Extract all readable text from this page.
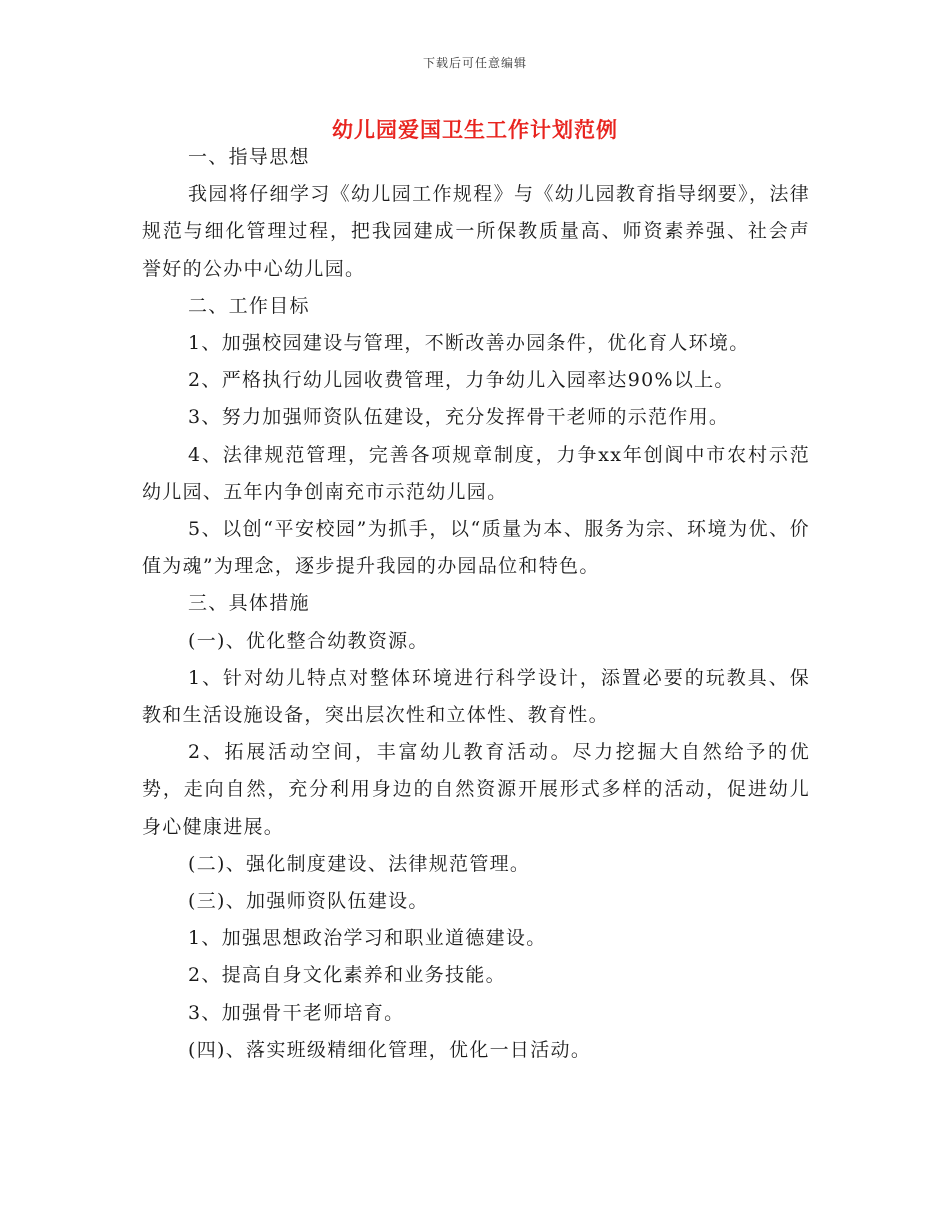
下载后可任意编辑
幼儿园爱国卫生工作计划范例

一、指导思想

我园将仔细学习《幼儿园工作规程》与《幼儿园教育指导纲要》，法律规范与细化管理过程，把我园建成一所保教质量高、师资素养强、社会声誉好的公办中心幼儿园。

二、工作目标

1、加强校园建设与管理，不断改善办园条件，优化育人环境。

2、严格执行幼儿园收费管理，力争幼儿入园率达90%以上。

3、努力加强师资队伍建设，充分发挥骨干老师的示范作用。

4、法律规范管理，完善各项规章制度，力争xx年创阆中市农村示范幼儿园、五年内争创南充市示范幼儿园。

5、以创“平安校园”为抓手，以“质量为本、服务为宗、环境为优、价值为魂”为理念，逐步提升我园的办园品位和特色。

三、具体措施

(一)、优化整合幼教资源。

1、针对幼儿特点对整体环境进行科学设计，添置必要的玩教具、保教和生活设施设备，突出层次性和立体性、教育性。

2、拓展活动空间，丰富幼儿教育活动。尽力挖掘大自然给予的优势，走向自然，充分利用身边的自然资源开展形式多样的活动，促进幼儿身心健康进展。

(二)、强化制度建设、法律规范管理。

(三)、加强师资队伍建设。

1、加强思想政治学习和职业道德建设。

2、提高自身文化素养和业务技能。

3、加强骨干老师培育。

(四)、落实班级精细化管理，优化一日活动。
